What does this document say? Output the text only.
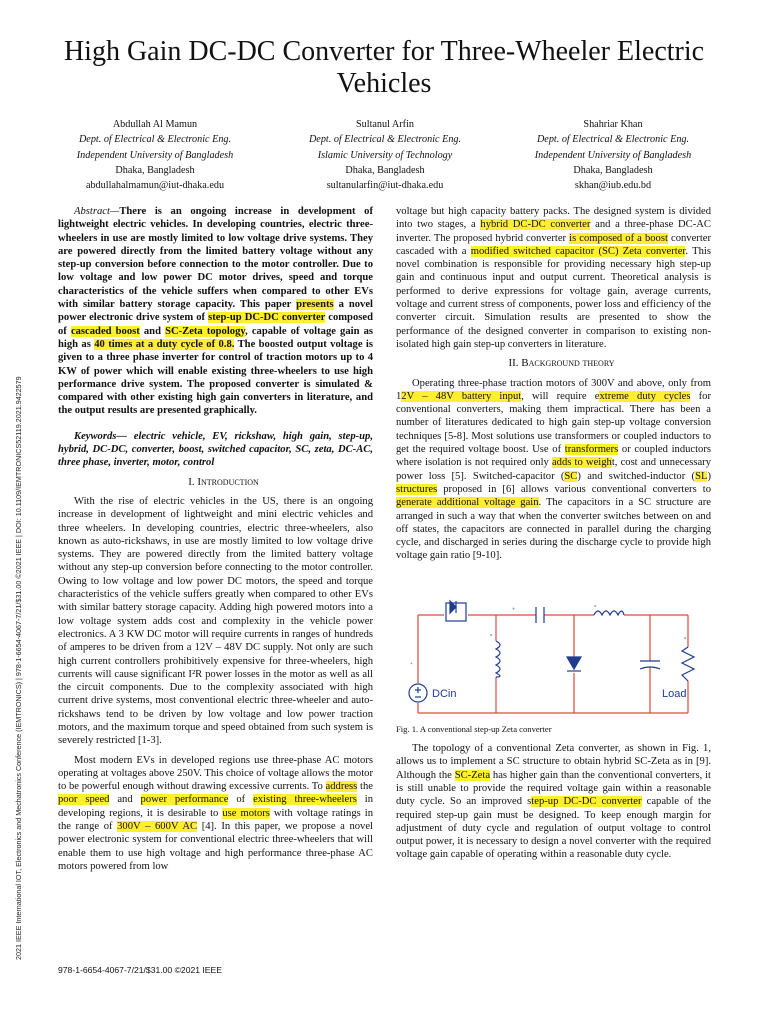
2021 IEEE International IOT, Electronics and Mechatronics Conference (IEMTRONICS) | 978-1-6654-4067-7/21/$31.00 ©2021 IEEE | DOI: 10.1109/IEMTRONICS52119.2021.9422579
High Gain DC-DC Converter for Three-Wheeler Electric Vehicles
Abdullah Al Mamun
Dept. of Electrical & Electronic Eng.
Independent University of Bangladesh
Dhaka, Bangladesh
abdullahalmamun@iut-dhaka.edu
Sultanul Arfin
Dept. of Electrical & Electronic Eng.
Islamic University of Technology
Dhaka, Bangladesh
sultanularfin@iut-dhaka.edu
Shahriar Khan
Dept. of Electrical & Electronic Eng.
Independent University of Bangladesh
Dhaka, Bangladesh
skhan@iub.edu.bd

Abstract—There is an ongoing increase in development of lightweight electric vehicles. In developing countries, electric three-wheelers in use are mostly limited to low voltage drive systems. They are powered directly from the limited battery voltage without any step-up conversion before connection to the motor controller. Due to low voltage and low power DC motor drives, speed and torque characteristics of the vehicle suffers when compared to other EVs with similar battery storage capacity. This paper presents a novel power electronic drive system of step-up DC-DC converter composed of cascaded boost and SC-Zeta topology, capable of voltage gain as high as 40 times at a duty cycle of 0.8. The boosted output voltage is given to a three phase inverter for control of traction motors up to 4 KW of power which will enable existing three-wheelers to use high performance drive system. The proposed converter is simulated & compared with other existing high gain converters in literature, and the output results are presented graphically.

Keywords— electric vehicle, EV, rickshaw, high gain, step-up, hybrid, DC-DC, converter, boost, switched capacitor, SC, zeta, DC-AC, three phase, inverter, motor, control

I. Introduction

With the rise of electric vehicles in the US, there is an ongoing increase in development of lightweight and mini electric vehicles and three wheelers. In developing countries, electric three-wheelers, also known as auto-rickshaws, in use are mostly limited to low voltage drive systems. They are powered directly from the limited battery voltage without any step-up conversion before connecting to the motor controller. Owing to low voltage and low power DC motors, the speed and torque characteristics of the vehicle suffers greatly when compared to other EVs with similar battery storage capacity. Adding high powered motors into a low voltage system adds cost and complexity in the vehicle power electronics. A 3 KW DC motor will require currents in ranges of hundreds of amperes to be driven from a 12V – 48V DC supply. Not only are such high current controllers prohibitively expensive for three-wheelers, high currents will cause significant I²R power losses in the motor as well as all the circuit components. Due to the complexity associated with high current drive systems, most conventional electric three-wheeler and auto-rickshaws tend to be driven by low voltage and low power traction motors, and the maximum torque and speed obtained from such system is severely restricted [1-3].

Most modern EVs in developed regions use three-phase AC motors operating at voltages above 250V. This choice of voltage allows the motor to be powerful enough without drawing excessive currents. To address the poor speed and power performance of existing three-wheelers in developing regions, it is desirable to use motors with voltage ratings in the range of 300V – 600V AC [4]. In this paper, we propose a novel power electronic system for conventional electric three-wheelers that will enable them to use high voltage and high performance three-phase AC motors powered from low

voltage but high capacity battery packs. The designed system is divided into two stages, a hybrid DC-DC converter and a three-phase DC-AC inverter. The proposed hybrid converter is composed of a boost converter cascaded with a modified switched capacitor (SC) Zeta converter. This novel combination is responsible for providing necessary high step-up gain and continuous input and output current. Theoretical analysis is performed to derive expressions for voltage gain, average currents, voltage and current stress of components, power loss and efficiency of the converter circuit. Simulation results are presented to show the performance of the designed converter in comparison to existing non-isolated high gain step-up converters in literature.

II. Background theory

Operating three-phase traction motors of 300V and above, only from 12V – 48V battery input, will require extreme duty cycles for conventional converters, making them impractical. There has been a number of literatures dedicated to high gain step-up voltage conversion techniques [5-8]. Most solutions use transformers or coupled inductors to get the required voltage boost. Use of transformers or coupled inductors where isolation is not required only adds to weight, cost and unnecessary power loss [5]. Switched-capacitor (SC) and switched-inductor (SL) structures proposed in [6] allows various conventional converters to generate additional voltage gain. The capacitors in a SC structure are arranged in such a way that when the converter switches between on and off states, the capacitors are connected in parallel during the charging cycle, and discharged in series during the discharge cycle to provide high voltage gain ratio [9-10].

+
°
+	°
°
DCin	Load

Fig. 1. A conventional step-up Zeta converter

The topology of a conventional Zeta converter, as shown in Fig. 1, allows us to implement a SC structure to obtain hybrid SC-Zeta as in [9]. Although the SC-Zeta has higher gain than the conventional converters, it is still unable to provide the required voltage gain within a reasonable duty cycle. So an improved step-up DC-DC converter capable of the required step-up gain must be designed. To keep enough margin for adjustment of duty cycle and regulation of output voltage to control output power, it is necessary to design a novel converter with the required voltage gain capable of operating within a reasonable duty cycle.

978-1-6654-4067-7/21/$31.00 ©2021 IEEE
